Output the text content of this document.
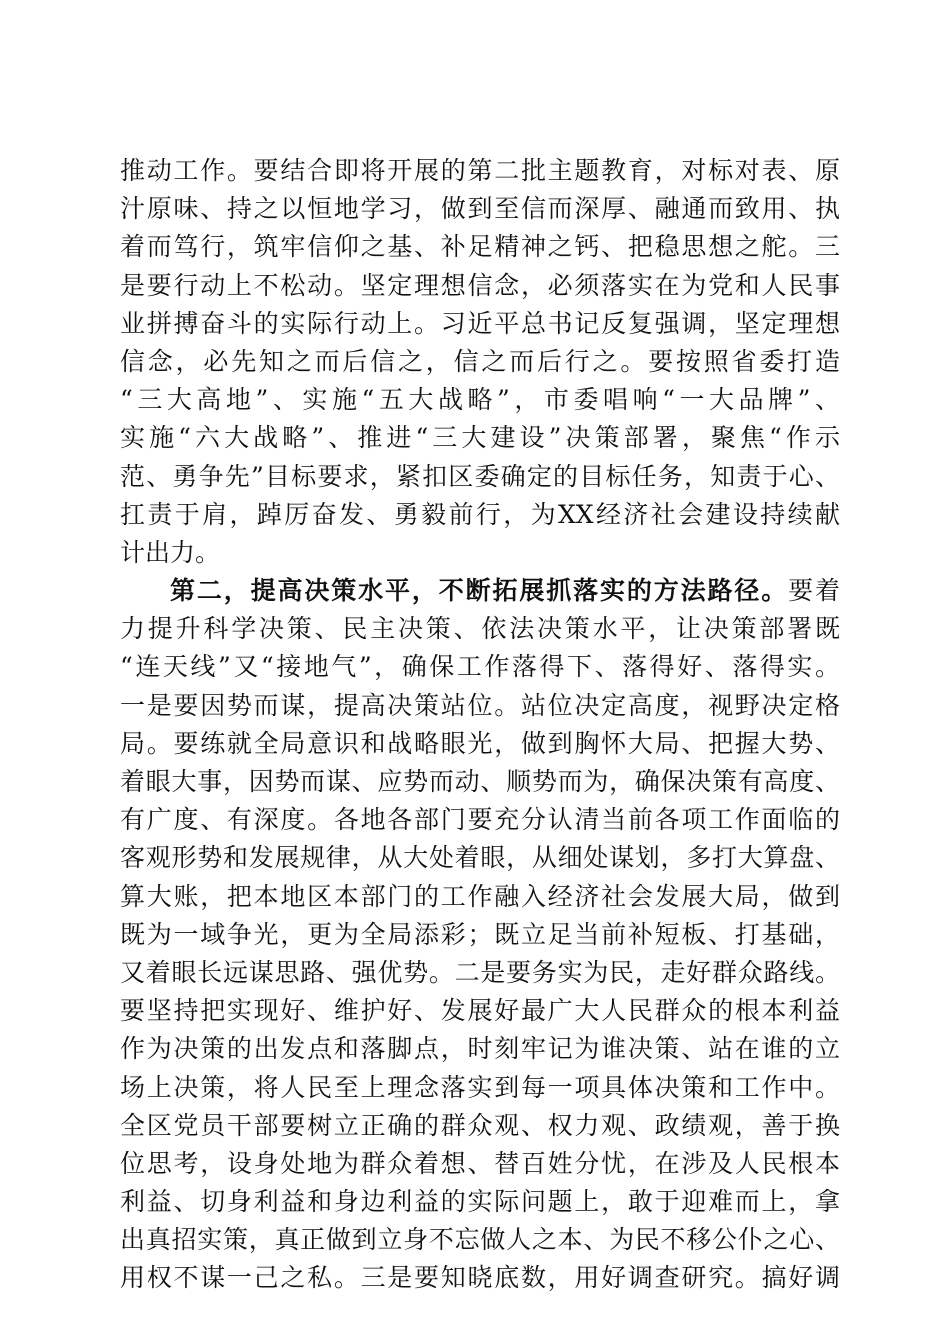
推动工作。要结合即将开展的第二批主题教育，对标对表、原
汁原味、持之以恒地学习，做到至信而深厚、融通而致用、执
着而笃行，筑牢信仰之基、补足精神之钙、把稳思想之舵。三
是要行动上不松动。坚定理想信念，必须落实在为党和人民事
业拼搏奋斗的实际行动上。习近平总书记反复强调，坚定理想
信念，必先知之而后信之，信之而后行之。要按照省委打造
“三大高地”、实施“五大战略”，市委唱响“一大品牌”、
实施“六大战略”、推进“三大建设”决策部署，聚焦“作示
范、勇争先”目标要求，紧扣区委确定的目标任务，知责于心、
扛责于肩，踔厉奋发、勇毅前行，为XX经济社会建设持续献
计出力。
第二，提高决策水平，不断拓展抓落实的方法路径。要着
力提升科学决策、民主决策、依法决策水平，让决策部署既
“连天线”又“接地气”，确保工作落得下、落得好、落得实。
一是要因势而谋，提高决策站位。站位决定高度，视野决定格
局。要练就全局意识和战略眼光，做到胸怀大局、把握大势、
着眼大事，因势而谋、应势而动、顺势而为，确保决策有高度、
有广度、有深度。各地各部门要充分认清当前各项工作面临的
客观形势和发展规律，从大处着眼，从细处谋划，多打大算盘、
算大账，把本地区本部门的工作融入经济社会发展大局，做到
既为一域争光，更为全局添彩；既立足当前补短板、打基础，
又着眼长远谋思路、强优势。二是要务实为民，走好群众路线。
要坚持把实现好、维护好、发展好最广大人民群众的根本利益
作为决策的出发点和落脚点，时刻牢记为谁决策、站在谁的立
场上决策，将人民至上理念落实到每一项具体决策和工作中。
全区党员干部要树立正确的群众观、权力观、政绩观，善于换
位思考，设身处地为群众着想、替百姓分忧，在涉及人民根本
利益、切身利益和身边利益的实际问题上，敢于迎难而上，拿
出真招实策，真正做到立身不忘做人之本、为民不移公仆之心、
用权不谋一己之私。三是要知晓底数，用好调查研究。搞好调
